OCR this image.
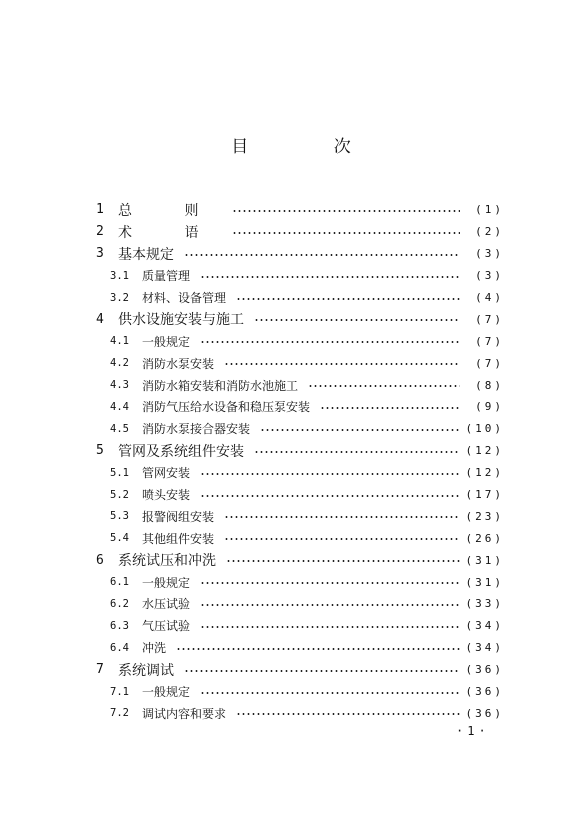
目 次
1	总 则	(1)
2	术 语	(2)
3	基本规定	(3)
3.1	质量管理	(3)
3.2	材料、设备管理	(4)
4	供水设施安装与施工	(7)
4.1	一般规定	(7)
4.2	消防水泵安装	(7)
4.3	消防水箱安装和消防水池施工	(8)
4.4	消防气压给水设备和稳压泵安装	(9)
4.5	消防水泵接合器安装	(10)
5	管网及系统组件安装	(12)
5.1	管网安装	(12)
5.2	喷头安装	(17)
5.3	报警阀组安装	(23)
5.4	其他组件安装	(26)
6	系统试压和冲洗	(31)
6.1	一般规定	(31)
6.2	水压试验	(33)
6.3	气压试验	(34)
6.4	冲洗	(34)
7	系统调试	(36)
7.1	一般规定	(36)
7.2	调试内容和要求	(36)
·1·
